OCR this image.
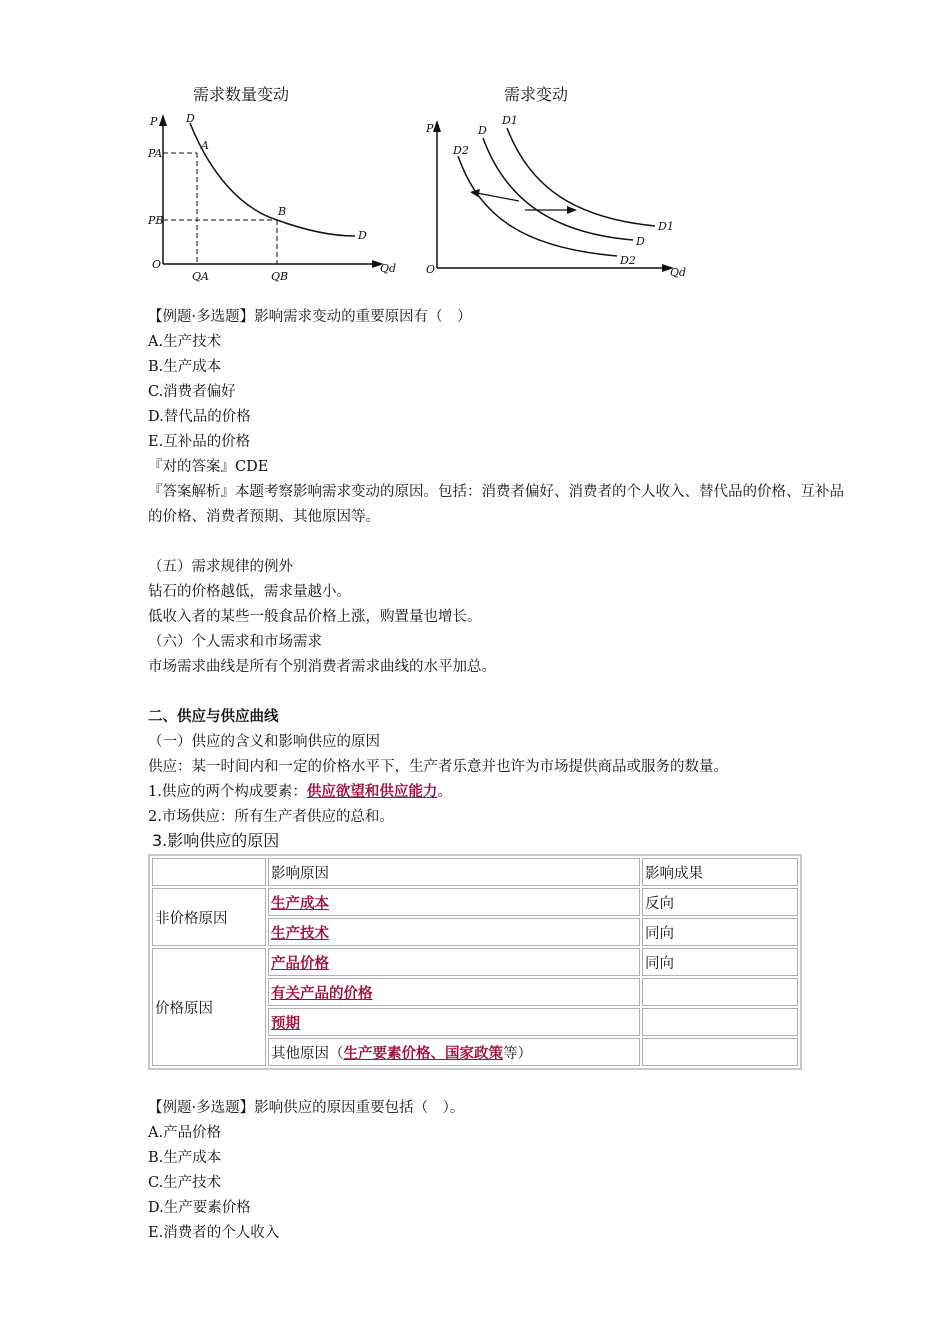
需求数量变动
P
PA
PB
O
QA	QB
Qd
D
D
A
B
需求变动
P
O	Qd
D1
D
D2
D1
D
D2
【例题·多选题】影响需求变动的重要原因有（　）
A.生产技术
B.生产成本
C.消费者偏好
D.替代品的价格
E.互补品的价格
『对的答案』CDE
『答案解析』本题考察影响需求变动的原因。包括：消费者偏好、消费者的个人收入、替代品的价格、互补品的价格、消费者预期、其他原因等。
（五）需求规律的例外
钻石的价格越低，需求量越小。
低收入者的某些一般食品价格上涨，购置量也增长。
（六）个人需求和市场需求
市场需求曲线是所有个别消费者需求曲线的水平加总。
二、供应与供应曲线
（一）供应的含义和影响供应的原因
供应：某一时间内和一定的价格水平下，生产者乐意并也许为市场提供商品或服务的数量。
1.供应的两个构成要素：供应欲望和供应能力。
2.市场供应：所有生产者供应的总和。
3.影响供应的原因
	影响原因	影响成果
非价格原因	生产成本	反向
	生产技术	同向
价格原因	产品价格	同向
	有关产品的价格	
	预期	
	其他原因（生产要素价格、国家政策等）	
【例题·多选题】影响供应的原因重要包括（　）。
A.产品价格
B.生产成本
C.生产技术
D.生产要素价格
E.消费者的个人收入
